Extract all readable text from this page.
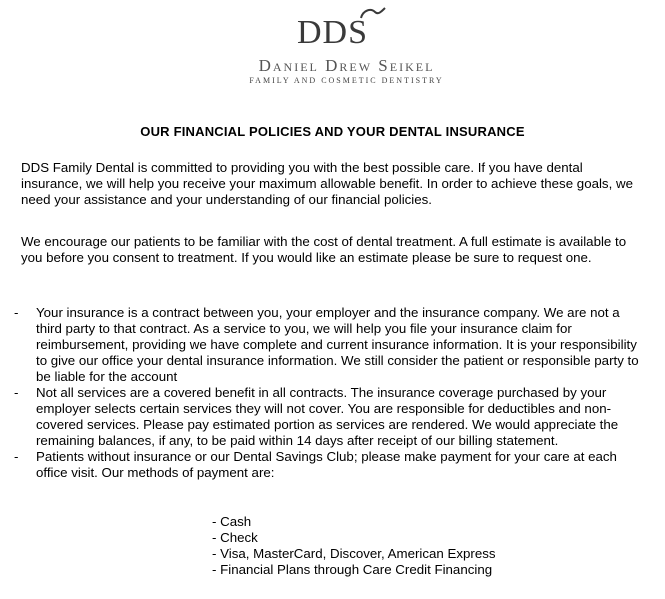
DDS
Daniel Drew Seikel
FAMILY AND COSMETIC DENTISTRY
OUR FINANCIAL POLICIES AND YOUR DENTAL INSURANCE

DDS Family Dental is committed to providing you with the best possible care. If you have dental insurance, we will help you receive your maximum allowable benefit. In order to achieve these goals, we need your assistance and your understanding of our financial policies.

We encourage our patients to be familiar with the cost of dental treatment. A full estimate is available to you before you consent to treatment. If you would like an estimate please be sure to request one.

- Your insurance is a contract between you, your employer and the insurance company. We are not a third party to that contract. As a service to you, we will help you file your insurance claim for reimbursement, providing we have complete and current insurance information. It is your responsibility to give our office your dental insurance information. We still consider the patient or responsible party to be liable for the account
- Not all services are a covered benefit in all contracts. The insurance coverage purchased by your employer selects certain services they will not cover. You are responsible for deductibles and non-covered services. Please pay estimated portion as services are rendered. We would appreciate the remaining balances, if any, to be paid within 14 days after receipt of our billing statement.
- Patients without insurance or our Dental Savings Club; please make payment for your care at each office visit. Our methods of payment are:
- Cash
- Check
- Visa, MasterCard, Discover, American Express
- Financial Plans through Care Credit Financing
